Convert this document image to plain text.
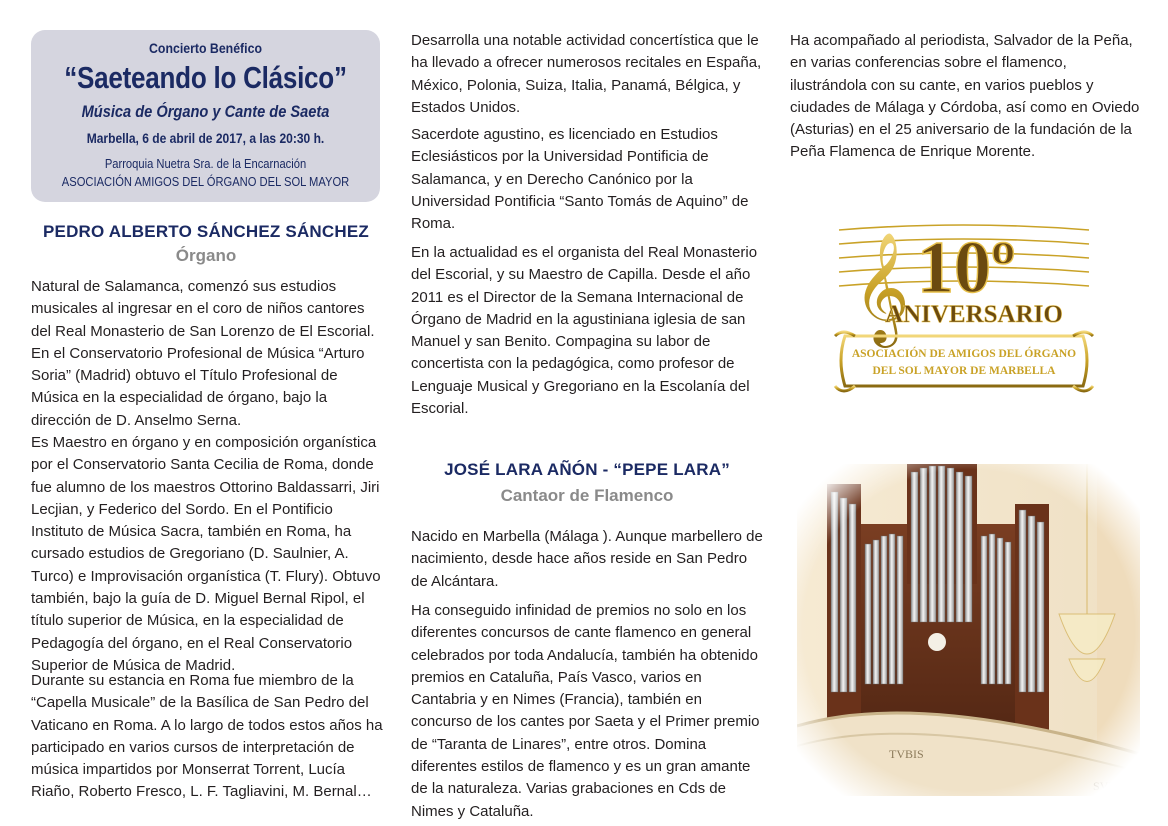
Concierto Benéfico
“Saeteando lo Clásico”
Música de Órgano y Cante de Saeta
Marbella, 6 de abril de 2017, a las 20:30 h.
Parroquia Nuetra Sra. de la Encarnación
ASOCIACIÓN AMIGOS DEL ÓRGANO DEL SOL MAYOR
PEDRO ALBERTO SÁNCHEZ SÁNCHEZ
Órgano

Natural de Salamanca, comenzó sus estudios musicales al ingresar en el coro de niños cantores del Real Monasterio de San Lorenzo de El Escorial. En el Conservatorio Profesional de Música “Arturo Soria” (Madrid) obtuvo el Título Profesional de Música en la especialidad de órgano, bajo la dirección de D. Anselmo Serna.

Es Maestro en órgano y en composición organística por el Conservatorio Santa Cecilia de Roma, donde fue alumno de los maestros Ottorino Baldassarri, Jiri Lecjian, y Federico del Sordo. En el Pontificio Instituto de Música Sacra, también en Roma, ha cursado estudios de Gregoriano (D. Saulnier, A. Turco) e Improvisación organística (T. Flury). Obtuvo también, bajo la guía de D. Miguel Bernal Ripol, el título superior de Música, en la especialidad de Pedagogía del órgano, en el Real Conservatorio Superior de Música de Madrid.

Durante su estancia en Roma fue miembro de la “Capella Musicale” de la Basílica de San Pedro del Vaticano en Roma. A lo largo de todos estos años ha participado en varios cursos de interpretación de música impartidos por Monserrat Torrent, Lucía Riaño, Roberto Fresco, L. F. Tagliavini, M. Bernal…

Desarrolla una notable actividad concertística que le ha llevado a ofrecer numerosos recitales en España, México, Polonia, Suiza, Italia, Panamá, Bélgica, y Estados Unidos.

Sacerdote agustino, es licenciado en Estudios Eclesiásticos por la Universidad Pontificia de Salamanca, y en Derecho Canónico por la Universidad Pontificia “Santo Tomás de Aquino” de Roma.

En la actualidad es el organista del Real Monasterio del Escorial, y su Maestro de Capilla. Desde el año 2011 es el Director de la Semana Internacional de Órgano de Madrid en la agustiniana iglesia de san Manuel y san Benito. Compagina su labor de concertista con la pedagógica, como profesor de Lenguaje Musical y Gregoriano en la Escolanía del Escorial.

JOSÉ LARA AÑÓN - “PEPE LARA”
Cantaor de Flamenco

Nacido en Marbella (Málaga ). Aunque marbellero de nacimiento, desde hace años reside en San Pedro de Alcántara.

Ha conseguido infinidad de premios no solo en los diferentes concursos de cante flamenco en general celebrados por toda Andalucía, también ha obtenido premios en Cataluña, País Vasco, varios en Cantabria y en Nimes (Francia), también en concurso de los cantes por Saeta y el Primer premio de “Taranta de Linares”, entre otros. Domina diferentes estilos de flamenco y es un gran amante de la naturaleza. Varias grabaciones en Cds de Nimes y Cataluña.

Ha acompañado al periodista, Salvador de la Peña, en varias conferencias sobre el flamenco, ilustrándola con su cante, en varios pueblos y ciudades de Málaga y Córdoba, así como en Oviedo (Asturias) en el 25 aniversario de la fundación de la Peña Flamenca de Enrique Morente.

𝄞 10º
ANIVERSARIO
ASOCIACIÓN DE AMIGOS DEL ÓRGANO
DEL SOL MAYOR DE MARBELLA
